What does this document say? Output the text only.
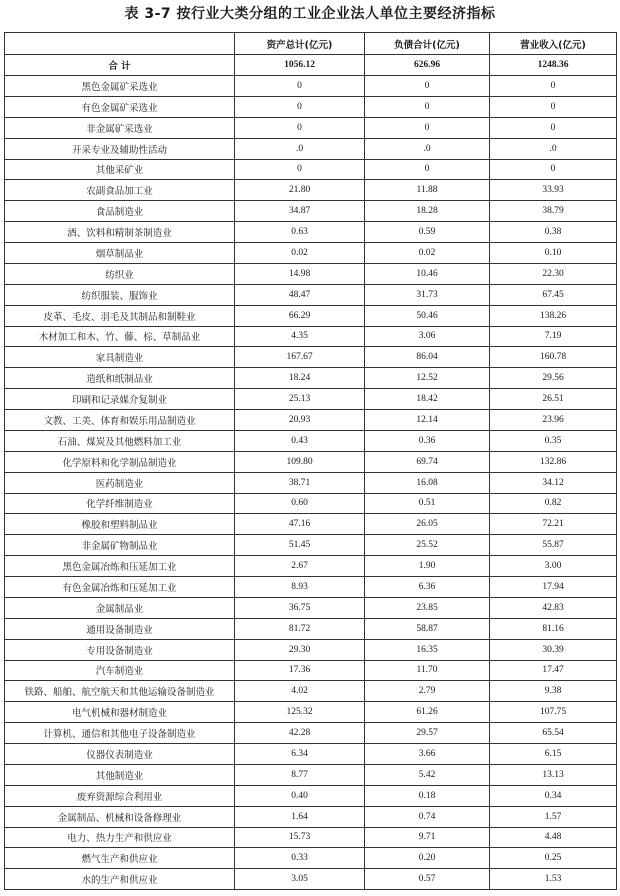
表 3-7 按行业大类分组的工业企业法人单位主要经济指标
	资产总计(亿元)	负债合计(亿元)	营业收入(亿元)
合 计	1056.12	626.96	1248.36
黑色金属矿采选业	0	0	0
有色金属矿采选业	0	0	0
非金属矿采选业	0	0	0
开采专业及辅助性活动	.0	.0	.0
其他采矿业	0	0	0
农副食品加工业	21.80	11.88	33.93
食品制造业	34.87	18.28	38.79
酒、饮料和精制茶制造业	0.63	0.59	0.38
烟草制品业	0.02	0.02	0.10
纺织业	14.98	10.46	22.30
纺织服装、服饰业	48.47	31.73	67.45
皮革、毛皮、羽毛及其制品和制鞋业	66.29	50.46	138.26
木材加工和木、竹、藤、棕、草制品业	4.35	3.06	7.19
家具制造业	167.67	86.04	160.78
造纸和纸制品业	18.24	12.52	29.56
印刷和记录媒介复制业	25.13	18.42	26.51
文教、工美、体育和娱乐用品制造业	20.93	12.14	23.96
石油、煤炭及其他燃料加工业	0.43	0.36	0.35
化学原料和化学制品制造业	109.80	69.74	132.86
医药制造业	38.71	16.08	34.12
化学纤维制造业	0.60	0.51	0.82
橡胶和塑料制品业	47.16	26.05	72.21
非金属矿物制品业	51.45	25.52	55.87
黑色金属冶炼和压延加工业	2.67	1.90	3.00
有色金属冶炼和压延加工业	8.93	6.36	17.94
金属制品业	36.75	23.85	42.83
通用设备制造业	81.72	58.87	81.16
专用设备制造业	29.30	16.35	30.39
汽车制造业	17.36	11.70	17.47
铁路、船舶、航空航天和其他运输设备制造业	4.02	2.79	9.38
电气机械和器材制造业	125.32	61.26	107.75
计算机、通信和其他电子设备制造业	42.28	29.57	65.54
仪器仪表制造业	6.34	3.66	6.15
其他制造业	8.77	5.42	13.13
废弃资源综合利用业	0.40	0.18	0.34
金属制品、机械和设备修理业	1.64	0.74	1.57
电力、热力生产和供应业	15.73	9.71	4.48
燃气生产和供应业	0.33	0.20	0.25
水的生产和供应业	3.05	0.57	1.53
